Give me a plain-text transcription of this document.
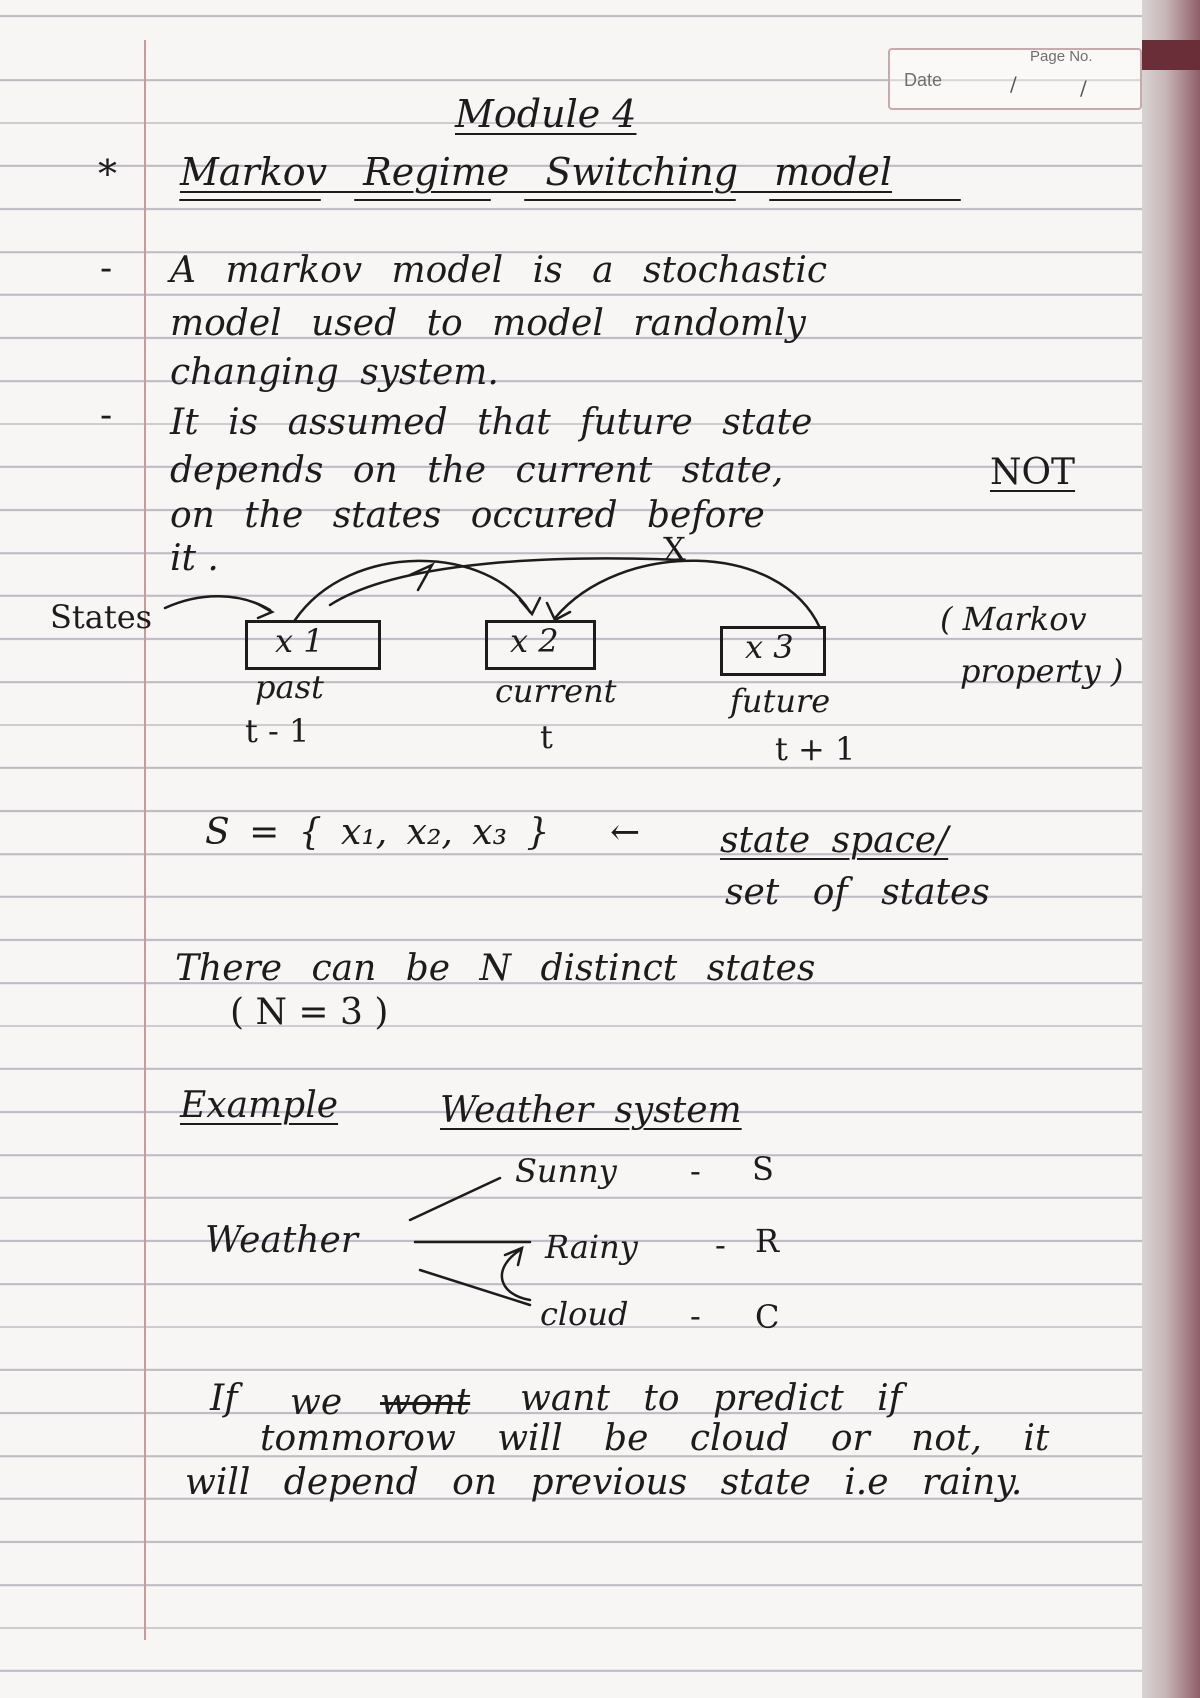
Page No.
Date	/	/
Module 4
* Markov Regime Switching model
- A markov model is a stochastic
model used to model randomly
changing system.
- It is assumed that future state
depends on the current state,	NOT
on the states occured before
it .
States
x 1	x 2	x 3
past	current	future
t - 1	t	t + 1
X
( Markov
property )
S = { x₁, x₂, x₃ } ← state space/
set of states
There can be N distinct states
( N = 3 )
Example	Weather system
Weather
Sunny - S
Rainy - R
cloud - C
If we wont want to predict if
tommorow will be cloud or not, it
will depend on previous state i.e rainy.
